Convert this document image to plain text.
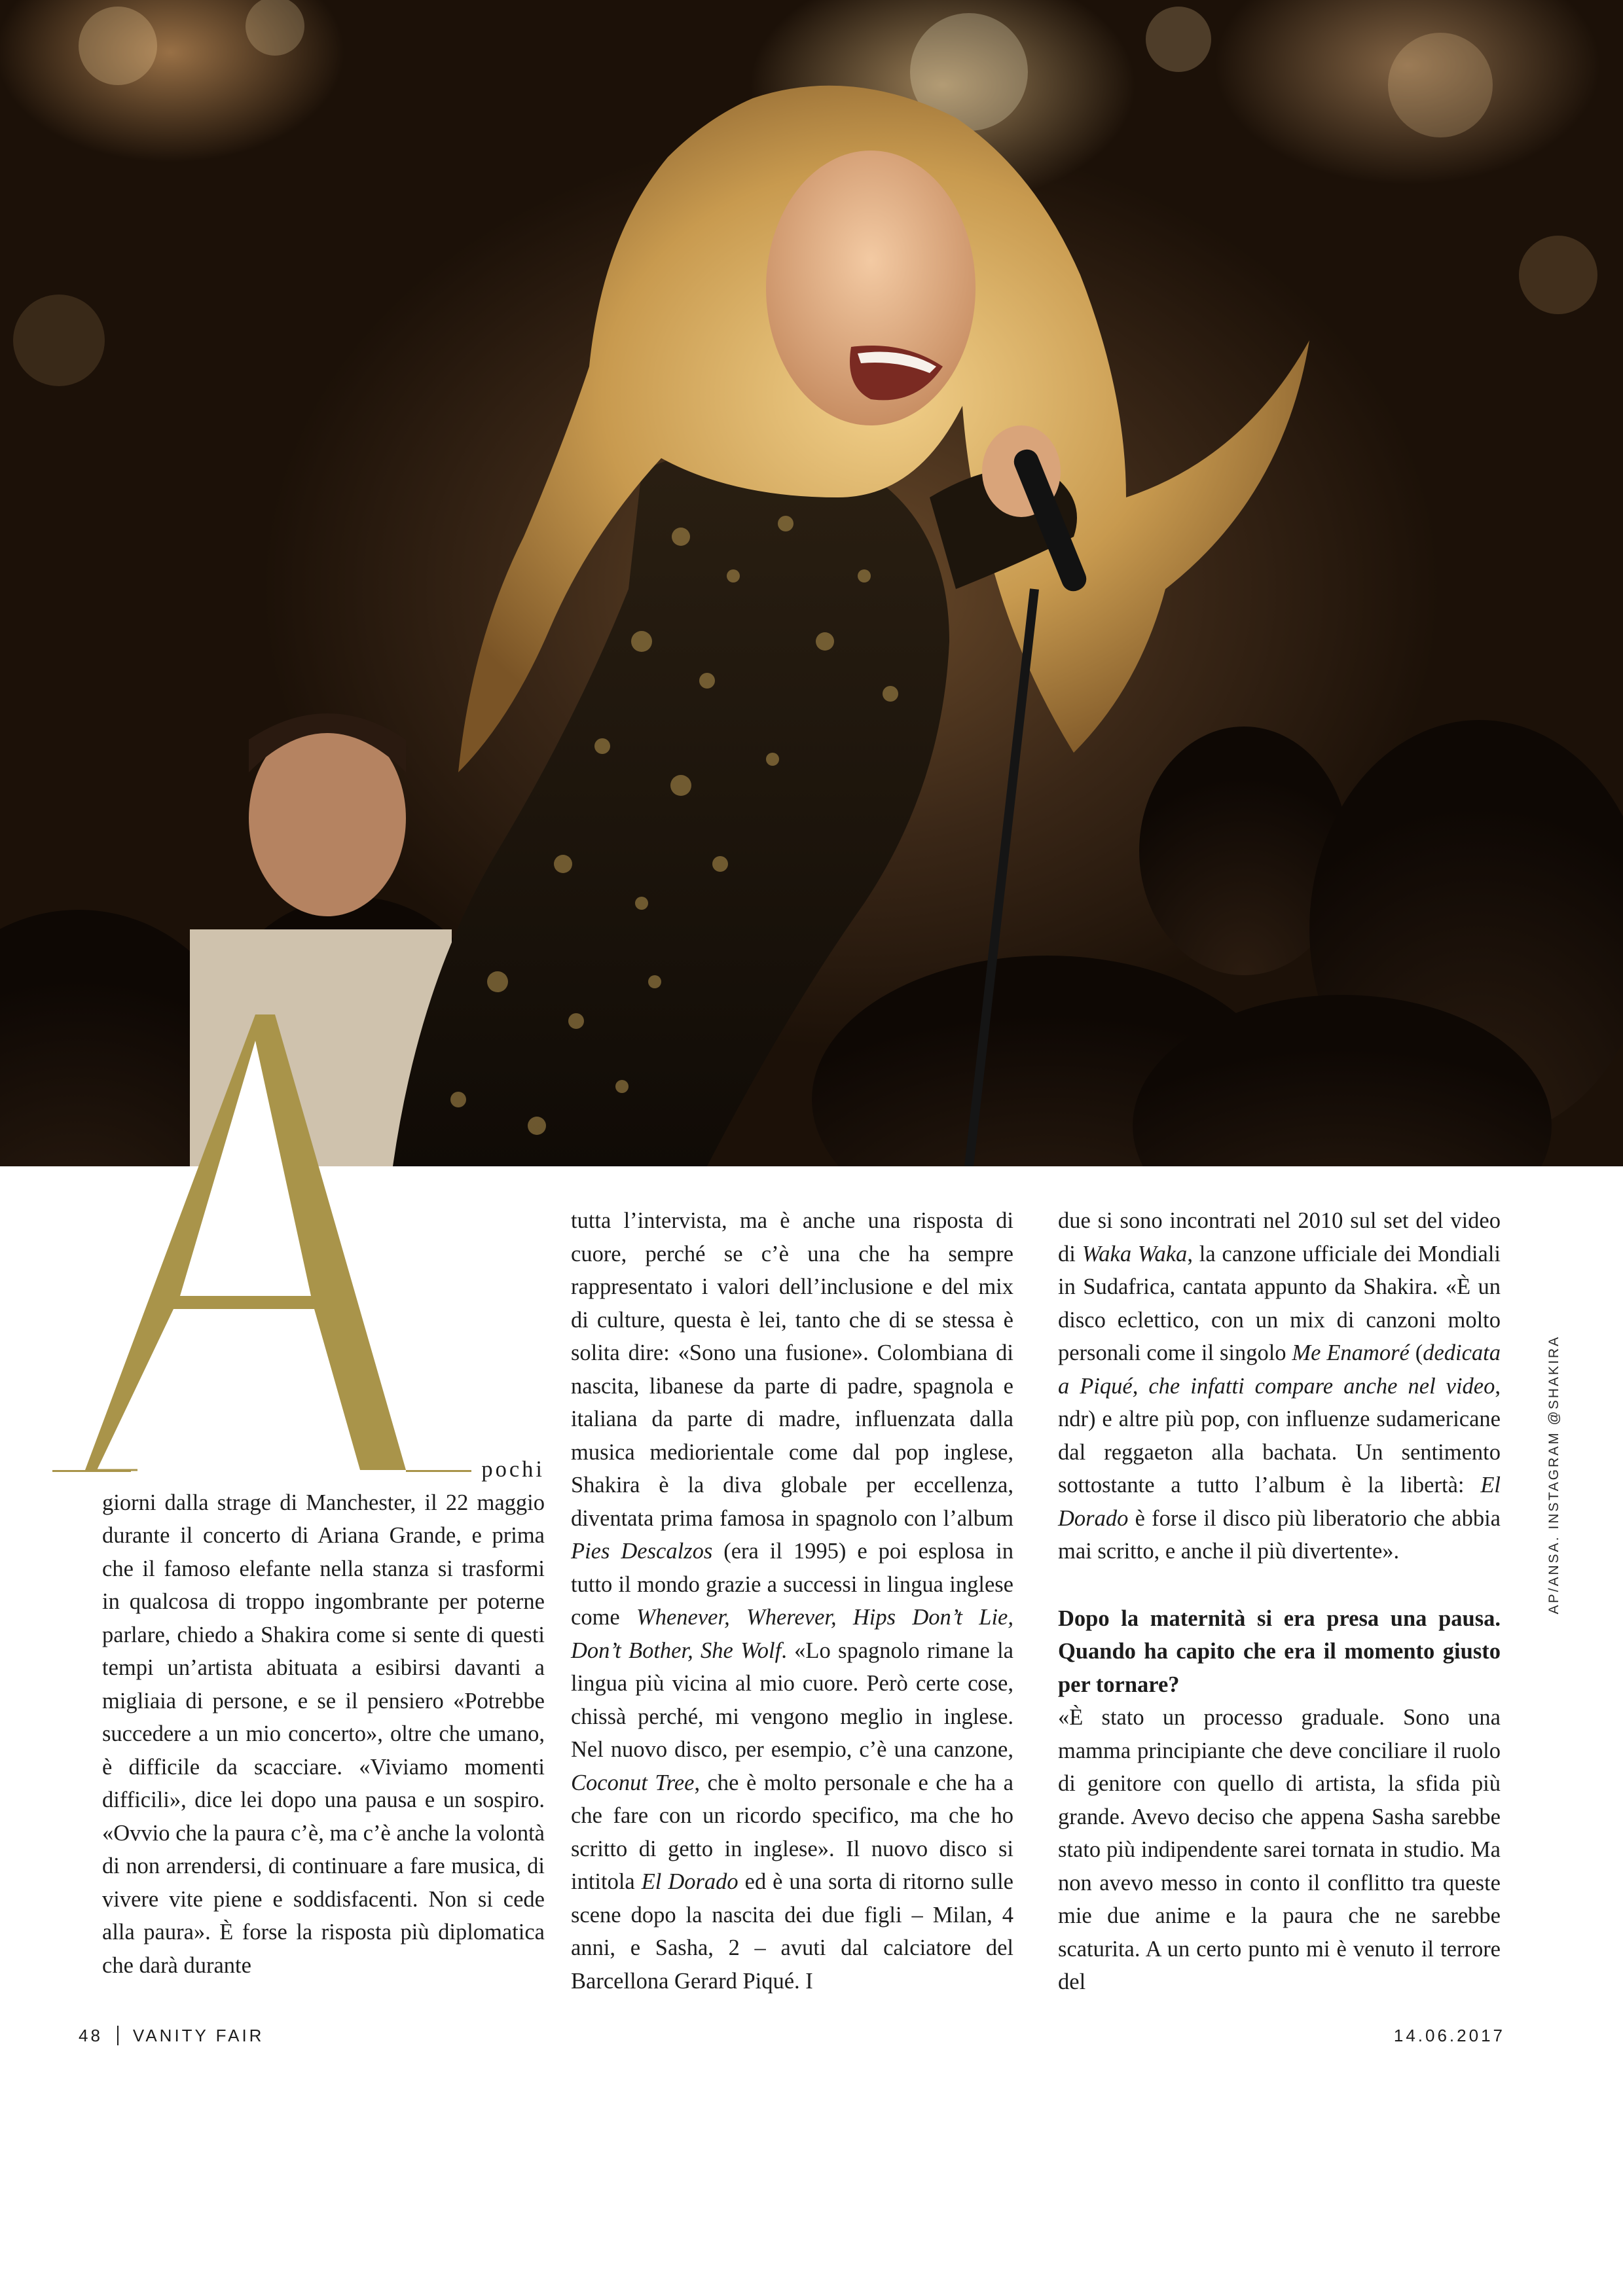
pochi

giorni dalla strage di Manchester, il 22 maggio durante il concerto di Ariana Grande, e prima che il famoso elefante nella stanza si trasformi in qualcosa di troppo ingombrante per poterne parlare, chiedo a Shakira come si sente di questi tempi un’artista abituata a esibirsi davanti a migliaia di persone, e se il pensiero «Potrebbe succedere a un mio concerto», oltre che umano, è difficile da scacciare. «Viviamo momenti difficili», dice lei dopo una pausa e un sospiro. «Ovvio che la paura c’è, ma c’è anche la volontà di non arrendersi, di continuare a fare musica, di vivere vite piene e soddisfacenti. Non si cede alla paura». È forse la risposta più diplomatica che darà durante

tutta l’intervista, ma è anche una risposta di cuore, perché se c’è una che ha sempre rappresentato i valori dell’inclusione e del mix di culture, questa è lei, tanto che di se stessa è solita dire: «Sono una fusione». Colombiana di nascita, libanese da parte di padre, spagnola e italiana da parte di madre, influenzata dalla musica mediorientale come dal pop inglese, Shakira è la diva globale per eccellenza, diventata prima famosa in spagnolo con l’album Pies Descalzos (era il 1995) e poi esplosa in tutto il mondo grazie a successi in lingua inglese come Whenever, Wherever, Hips Don’t Lie, Don’t Bother, She Wolf. «Lo spagnolo rimane la lingua più vicina al mio cuore. Però certe cose, chissà perché, mi vengono meglio in inglese. Nel nuovo disco, per esempio, c’è una canzone, Coconut Tree, che è molto personale e che ha a che fare con un ricordo specifico, ma che ho scritto di getto in inglese». Il nuovo disco si intitola El Dorado ed è una sorta di ritorno sulle scene dopo la nascita dei due figli – Milan, 4 anni, e Sasha, 2 – avuti dal calciatore del Barcellona Gerard Piqué. I

due si sono incontrati nel 2010 sul set del video di Waka Waka, la canzone ufficiale dei Mondiali in Sudafrica, cantata appunto da Shakira. «È un disco eclettico, con un mix di canzoni molto personali come il singolo Me Enamoré (dedicata a Piqué, che infatti compare anche nel video, ndr) e altre più pop, con influenze sudamericane dal reggaeton alla bachata. Un sentimento sottostante a tutto l’album è la libertà: El Dorado è forse il disco più liberatorio che abbia mai scritto, e anche il più divertente».

Dopo la maternità si era presa una pausa. Quando ha capito che era il momento giusto per tornare?

«È stato un processo graduale. Sono una mamma principiante che deve conciliare il ruolo di genitore con quello di artista, la sfida più grande. Avevo deciso che appena Sasha sarebbe stato più indipendente sarei tornata in studio. Ma non avevo messo in conto il conflitto tra queste mie due anime e la paura che ne sarebbe scaturita. A un certo punto mi è venuto il terrore del

AP/ANSA. INSTAGRAM @SHAKIRA
48 VANITY FAIR	14.06.2017
